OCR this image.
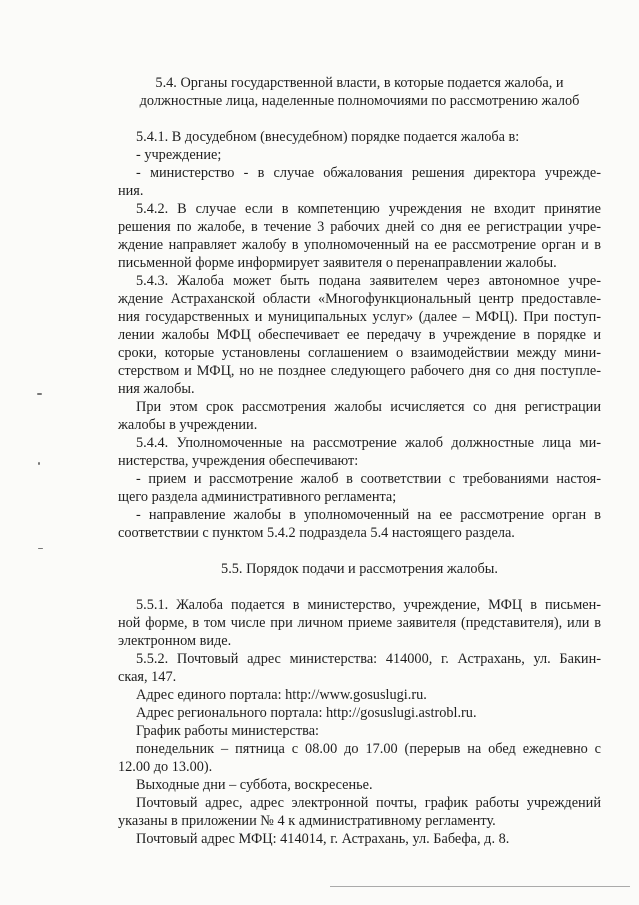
5.4. Органы государственной власти, в которые подается жалоба, и
должностные лица, наделенные полномочиями по рассмотрению жалоб
5.4.1. В досудебном (внесудебном) порядке подается жалоба в:
- учреждение;
- министерство - в случае обжалования решения директора учрежде-
ния.
5.4.2. В случае если в компетенцию учреждения не входит принятие
решения по жалобе, в течение 3 рабочих дней со дня ее регистрации учре-
ждение направляет жалобу в уполномоченный на ее рассмотрение орган и в
письменной форме информирует заявителя о перенаправлении жалобы.
5.4.3. Жалоба может быть подана заявителем через автономное учре-
ждение Астраханской области «Многофункциональный центр предоставле-
ния государственных и муниципальных услуг» (далее – МФЦ). При поступ-
лении жалобы МФЦ обеспечивает ее передачу в учреждение в порядке и
сроки, которые установлены соглашением о взаимодействии между мини-
стерством и МФЦ, но не позднее следующего рабочего дня со дня поступле-
ния жалобы.
При этом срок рассмотрения жалобы исчисляется со дня регистрации
жалобы в учреждении.
5.4.4. Уполномоченные на рассмотрение жалоб должностные лица ми-
нистерства, учреждения обеспечивают:
- прием и рассмотрение жалоб в соответствии с требованиями настоя-
щего раздела административного регламента;
- направление жалобы в уполномоченный на ее рассмотрение орган в
соответствии с пунктом 5.4.2 подраздела 5.4 настоящего раздела.
5.5. Порядок подачи и рассмотрения жалобы.
5.5.1. Жалоба подается в министерство, учреждение, МФЦ в письмен-
ной форме, в том числе при личном приеме заявителя (представителя), или в
электронном виде.
5.5.2. Почтовый адрес министерства: 414000, г. Астрахань, ул. Бакин-
ская, 147.
Адрес единого портала: http://www.gosuslugi.ru.
Адрес регионального портала: http://gosuslugi.astrobl.ru.
График работы министерства:
понедельник – пятница с 08.00 до 17.00 (перерыв на обед ежедневно с
12.00 до 13.00).
Выходные дни – суббота, воскресенье.
Почтовый адрес, адрес электронной почты, график работы учреждений
указаны в приложении № 4 к административному регламенту.
Почтовый адрес МФЦ: 414014, г. Астрахань, ул. Бабефа, д. 8.
